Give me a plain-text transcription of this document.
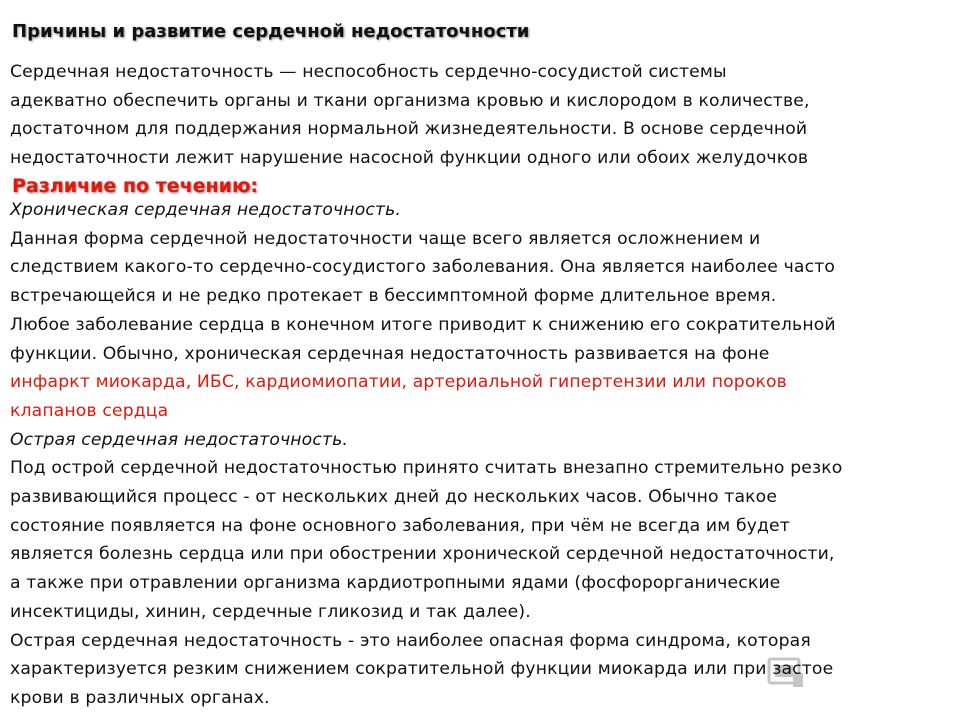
Причины и развитие сердечной недостаточности
Сердечная недостаточность — неспособность сердечно-сосудистой системы
адекватно обеспечить органы и ткани организма кровью и кислородом в количестве,
достаточном для поддержания нормальной жизнедеятельности. В основе сердечной
недостаточности лежит нарушение насосной функции одного или обоих желудочков
Различие по течению:
Хроническая сердечная недостаточность.
Данная форма сердечной недостаточности чаще всего является осложнением и
следствием какого-то сердечно-сосудистого заболевания. Она является наиболее часто
встречающейся и не редко протекает в бессимптомной форме длительное время.
Любое заболевание сердца в конечном итоге приводит к снижению его сократительной
функции. Обычно, хроническая сердечная недостаточность развивается на фоне
инфаркт миокарда, ИБС, кардиомиопатии, артериальной гипертензии или пороков
клапанов сердца
Острая сердечная недостаточность.
Под острой сердечной недостаточностью принято считать внезапно стремительно резко
развивающийся процесс - от нескольких дней до нескольких часов. Обычно такое
состояние появляется на фоне основного заболевания, при чём не всегда им будет
является болезнь сердца или при обострении хронической сердечной недостаточности,
а также при отравлении организма кардиотропными ядами (фосфорорганические
инсектициды, хинин, сердечные гликозид и так далее).
Острая сердечная недостаточность - это наиболее опасная форма синдрома, которая
характеризуется резким снижением сократительной функции миокарда или при застое
крови в различных органах.
